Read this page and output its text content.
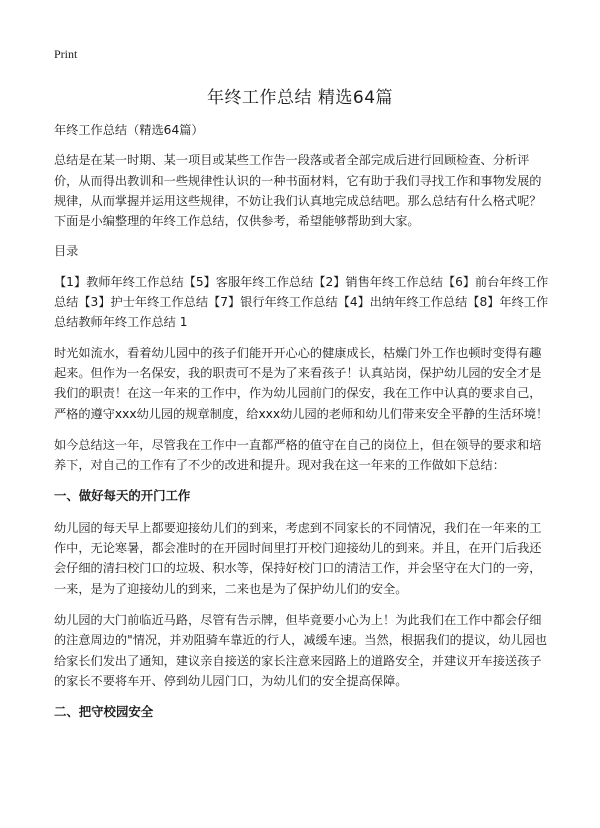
Print
年终工作总结 精选64篇

年终工作总结（精选64篇）

总结是在某一时期、某一项目或某些工作告一段落或者全部完成后进行回顾检查、分析评价，从而得出教训和一些规律性认识的一种书面材料，它有助于我们寻找工作和事物发展的规律，从而掌握并运用这些规律，不妨让我们认真地完成总结吧。那么总结有什么格式呢？下面是小编整理的年终工作总结，仅供参考，希望能够帮助到大家。

目录

【1】教师年终工作总结【5】客服年终工作总结【2】销售年终工作总结【6】前台年终工作总结【3】护士年终工作总结【7】银行年终工作总结【4】出纳年终工作总结【8】年终工作总结教师年终工作总结 1

时光如流水，看着幼儿园中的孩子们能开开心心的健康成长，枯燥门外工作也顿时变得有趣起来。但作为一名保安，我的职责可不是为了来看孩子！认真站岗，保护幼儿园的安全才是我们的职责！在这一年来的工作中，作为幼儿园前门的保安，我在工作中认真的要求自己，严格的遵守xxx幼儿园的规章制度，给xxx幼儿园的老师和幼儿们带来安全平静的生活环境！

如今总结这一年，尽管我在工作中一直都严格的值守在自己的岗位上，但在领导的要求和培养下，对自己的工作有了不少的改进和提升。现对我在这一年来的工作做如下总结：

一、做好每天的开门工作

幼儿园的每天早上都要迎接幼儿们的到来，考虑到不同家长的不同情况，我们在一年来的工作中，无论寒暑，都会准时的在开园时间里打开校门迎接幼儿的到来。并且，在开门后我还会仔细的清扫校门口的垃圾、积水等，保持好校门口的清洁工作，并会坚守在大门的一旁，一来，是为了迎接幼儿的到来，二来也是为了保护幼儿们的安全。

幼儿园的大门前临近马路，尽管有告示牌，但毕竟要小心为上！为此我们在工作中都会仔细的注意周边的"情况，并劝阻骑车靠近的行人，减缓车速。当然，根据我们的提议，幼儿园也给家长们发出了通知，建议亲自接送的家长注意来园路上的道路安全，并建议开车接送孩子的家长不要将车开、停到幼儿园门口，为幼儿们的安全提高保障。

二、把守校园安全
